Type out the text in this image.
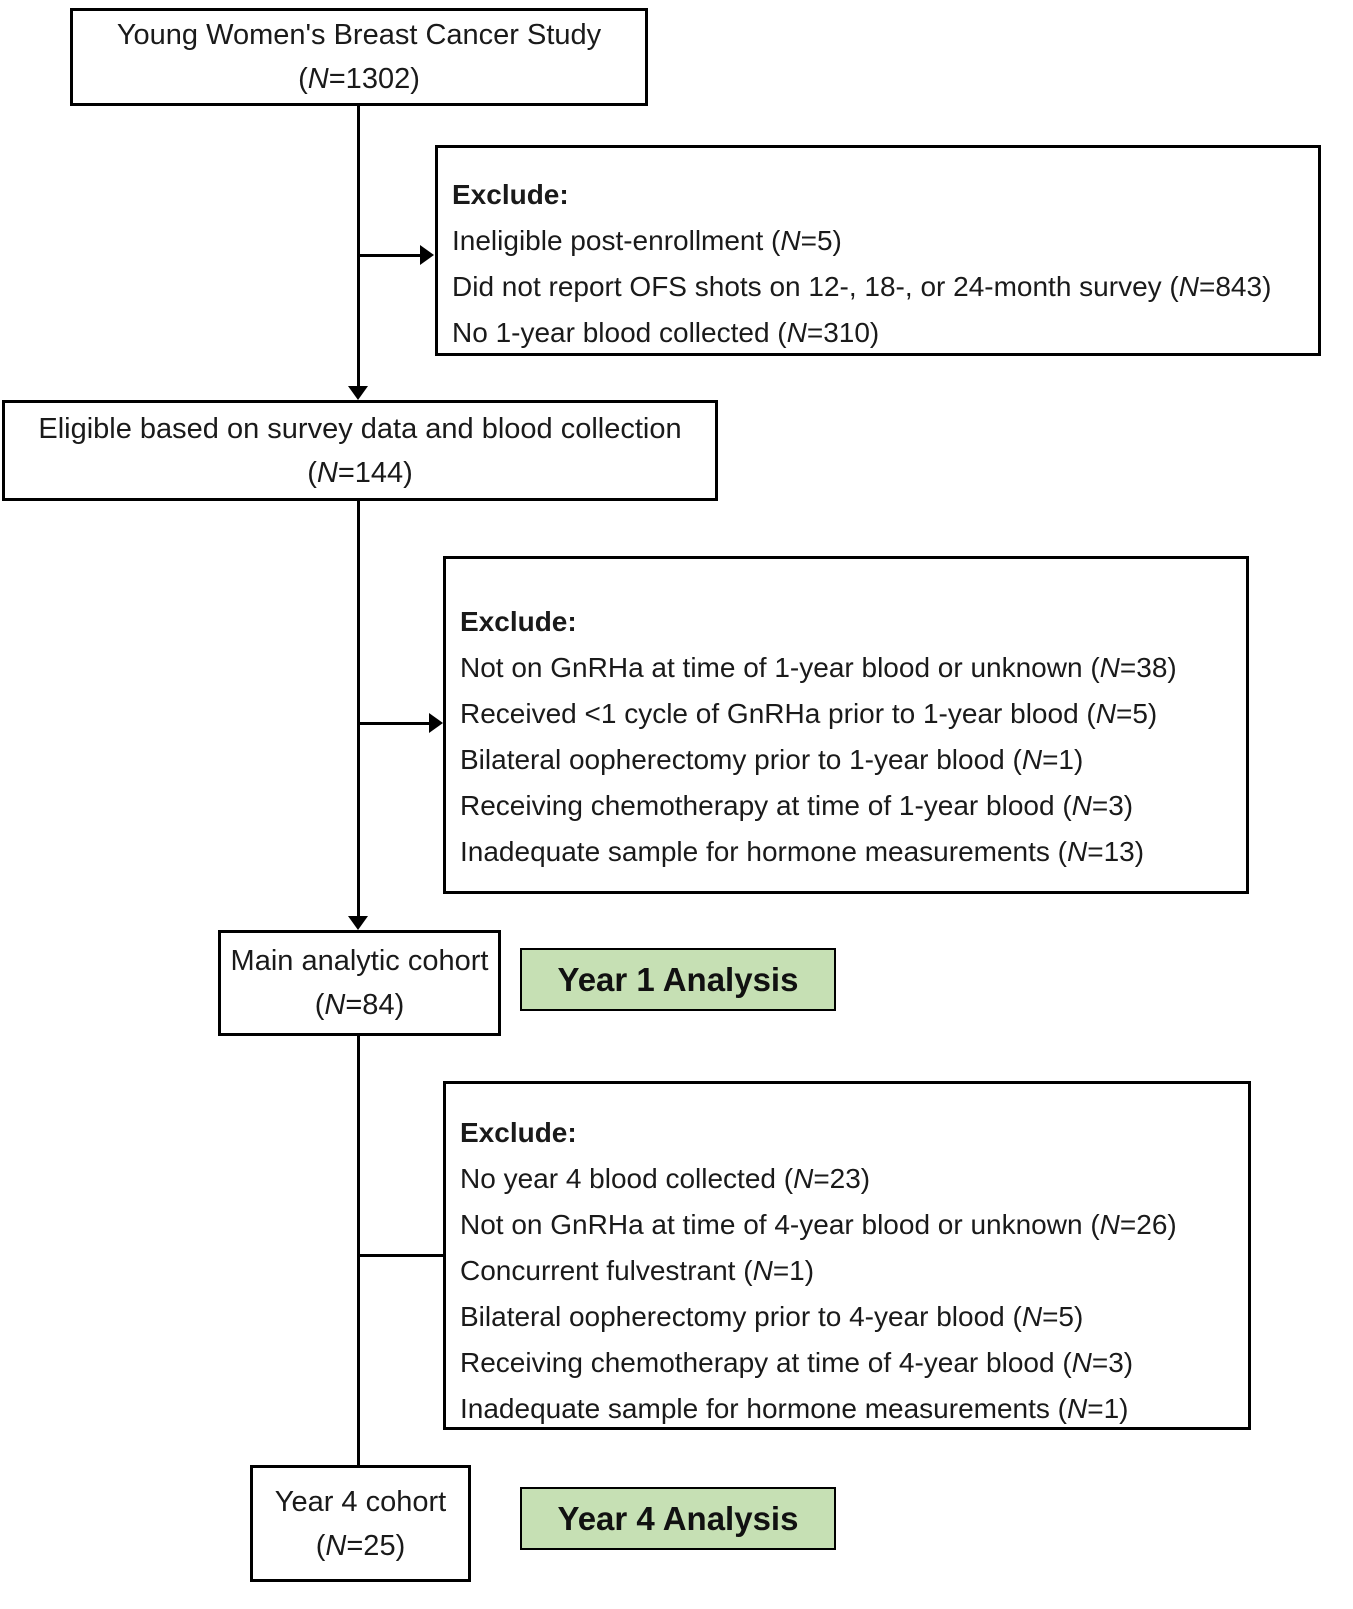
Young Women's Breast Cancer Study
(N=1302)
Exclude:
Ineligible post-enrollment (N=5)
Did not report OFS shots on 12-, 18-, or 24-month survey (N=843)
No 1-year blood collected (N=310)
Eligible based on survey data and blood collection
(N=144)
Exclude:
Not on GnRHa at time of 1-year blood or unknown (N=38)
Received <1 cycle of GnRHa prior to 1-year blood (N=5)
Bilateral oopherectomy prior to 1-year blood (N=1)
Receiving chemotherapy at time of 1-year blood (N=3)
Inadequate sample for hormone measurements (N=13)
Main analytic cohort
(N=84)
Year 1 Analysis
Exclude:
No year 4 blood collected (N=23)
Not on GnRHa at time of 4-year blood or unknown (N=26)
Concurrent fulvestrant (N=1)
Bilateral oopherectomy prior to 4-year blood (N=5)
Receiving chemotherapy at time of 4-year blood (N=3)
Inadequate sample for hormone measurements (N=1)
Year 4 cohort
(N=25)
Year 4 Analysis
